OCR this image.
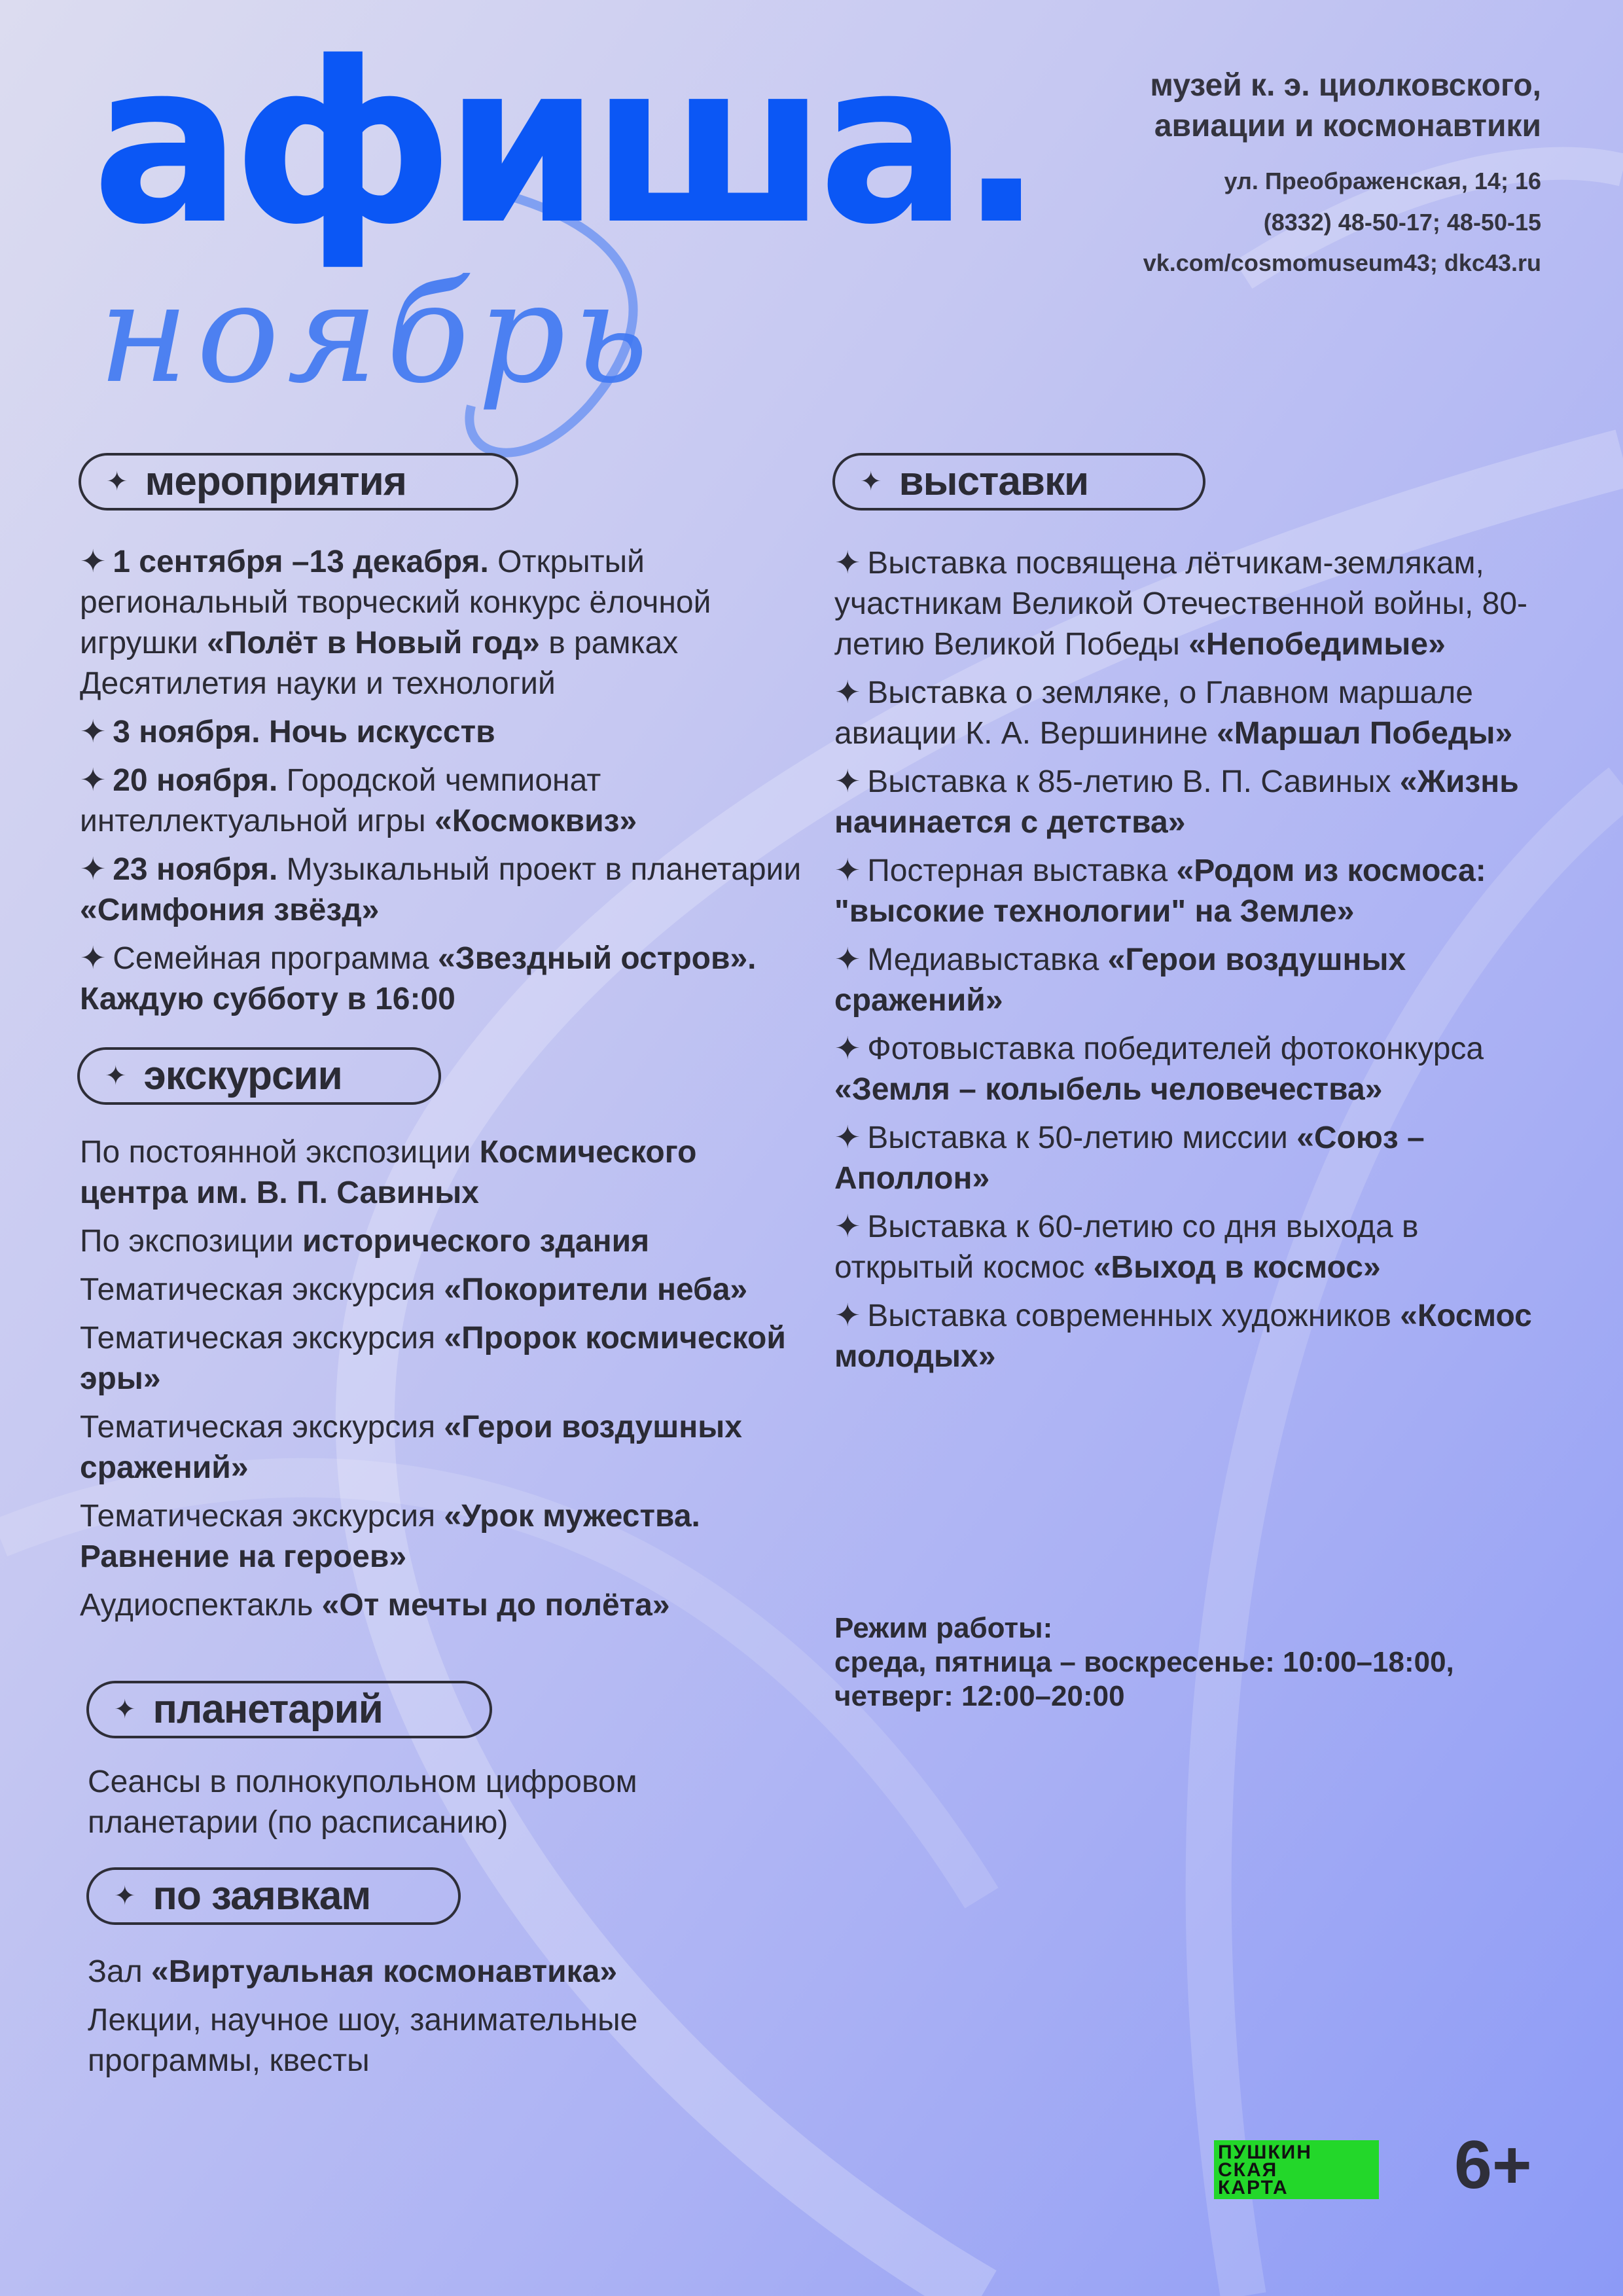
афиша.

ноябрь

музей к. э. циолковского,
авиации и космонавтики

ул. Преображенская, 14; 16

(8332) 48-50-17; 48-50-15

vk.com/cosmomuseum43; dkc43.ru

✦ мероприятия	✦ выставки
✦ экскурсии
✦ планетарий
✦ по заявкам

✦ 1 сентября –13 декабря. Открытый региональный творческий конкурс ёлочной игрушки «Полёт в Новый год» в рамках Десятилетия науки и технологий

✦ 3 ноября. Ночь искусств

✦ 20 ноября. Городской чемпионат интеллектуальной игры «Космоквиз»

✦ 23 ноября. Музыкальный проект в планетарии «Симфония звёзд»

✦ Семейная программа «Звездный остров». Каждую субботу в 16:00

По постоянной экспозиции Космического центра им. В. П. Савиных

По экспозиции исторического здания

Тематическая экскурсия «Покорители неба»

Тематическая экскурсия «Пророк космической эры»

Тематическая экскурсия «Герои воздушных сражений»

Тематическая экскурсия «Урок мужества. Равнение на героев»

Аудиоспектакль «От мечты до полёта»

Сеансы в полнокупольном цифровом планетарии (по расписанию)

Зал «Виртуальная космонавтика»

Лекции, научное шоу, занимательные программы, квесты

✦ Выставка посвящена лётчикам-землякам, участникам Великой Отечественной войны, 80-летию Великой Победы «Непобедимые»

✦ Выставка о земляке, о Главном маршале авиации К. А. Вершинине «Маршал Победы»

✦ Выставка к 85-летию В. П. Савиных «Жизнь начинается с детства»

✦ Постерная выставка «Родом из космоса: "высокие технологии" на Земле»

✦ Медиавыставка «Герои воздушных сражений»

✦ Фотовыставка победителей фотоконкурса «Земля – колыбель человечества»

✦ Выставка к 50-летию миссии «Союз – Аполлон»

✦ Выставка к 60-летию со дня выхода в открытый космос «Выход в космос»

✦ Выставка современных художников «Космос молодых»

Режим работы:

среда, пятница – воскресенье: 10:00–18:00,

четверг: 12:00–20:00

ПУШКИН
СКАЯ
КАРТА	6+
